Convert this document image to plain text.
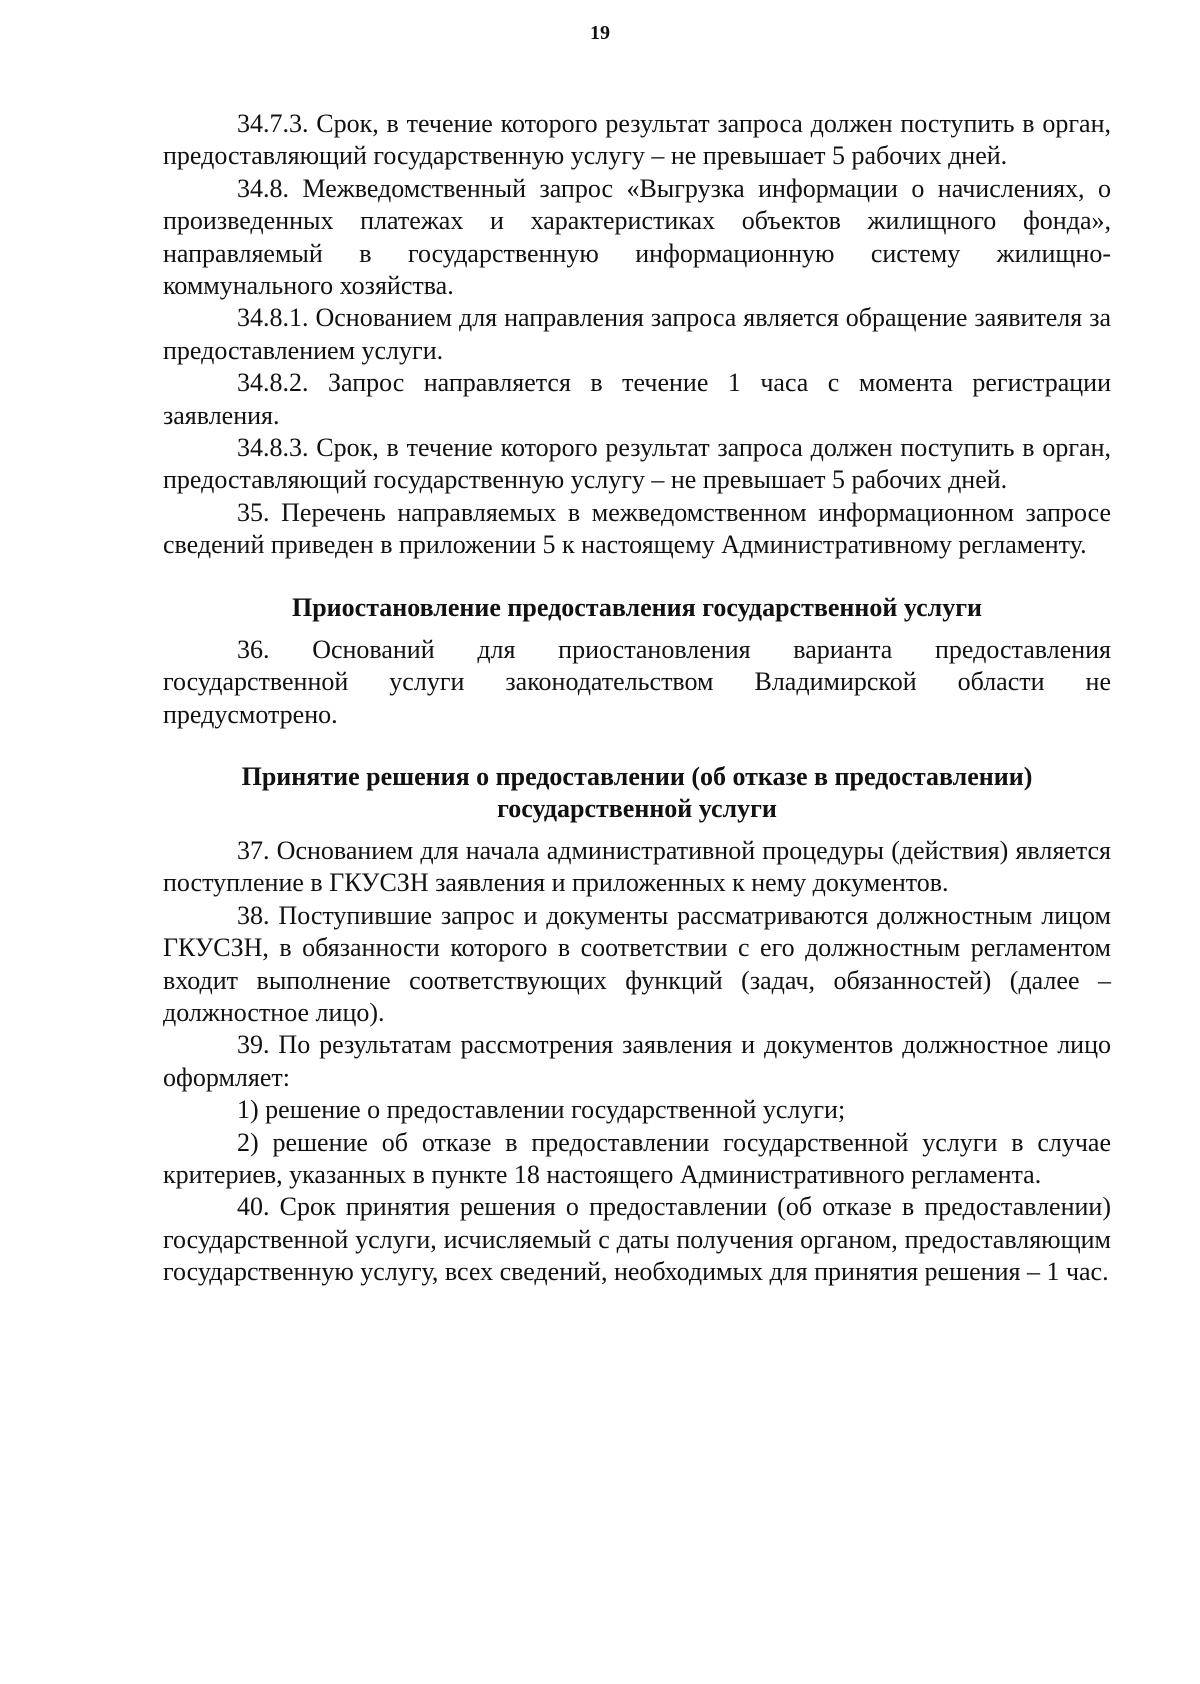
19

34.7.3. Срок, в течение которого результат запроса должен поступить в орган, предоставляющий государственную услугу – не превышает 5 рабочих дней.

34.8. Межведомственный запрос «Выгрузка информации о начислениях, о произведенных платежах и характеристиках объектов жилищного фонда», направляемый в государственную информационную систему жилищно-коммунального хозяйства.

34.8.1. Основанием для направления запроса является обращение заявителя за предоставлением услуги.

34.8.2. Запрос направляется в течение 1 часа с момента регистрации заявления.

34.8.3. Срок, в течение которого результат запроса должен поступить в орган, предоставляющий государственную услугу – не превышает 5 рабочих дней.

35. Перечень направляемых в межведомственном информационном запросе сведений приведен в приложении 5 к настоящему Административному регламенту.

Приостановление предоставления государственной услуги

36. Оснований для приостановления варианта предоставления государственной услуги законодательством Владимирской области не предусмотрено.

Принятие решения о предоставлении (об отказе в предоставлении) государственной услуги

37. Основанием для начала административной процедуры (действия) является поступление в ГКУСЗН заявления и приложенных к нему документов.

38. Поступившие запрос и документы рассматриваются должностным лицом ГКУСЗН, в обязанности которого в соответствии с его должностным регламентом входит выполнение соответствующих функций (задач, обязанностей) (далее – должностное лицо).

39. По результатам рассмотрения заявления и документов должностное лицо оформляет:

1) решение о предоставлении государственной услуги;

2) решение об отказе в предоставлении государственной услуги в случае критериев, указанных в пункте 18 настоящего Административного регламента.

40. Срок принятия решения о предоставлении (об отказе в предоставлении) государственной услуги, исчисляемый с даты получения органом, предоставляющим государственную услугу, всех сведений, необходимых для принятия решения – 1 час.
